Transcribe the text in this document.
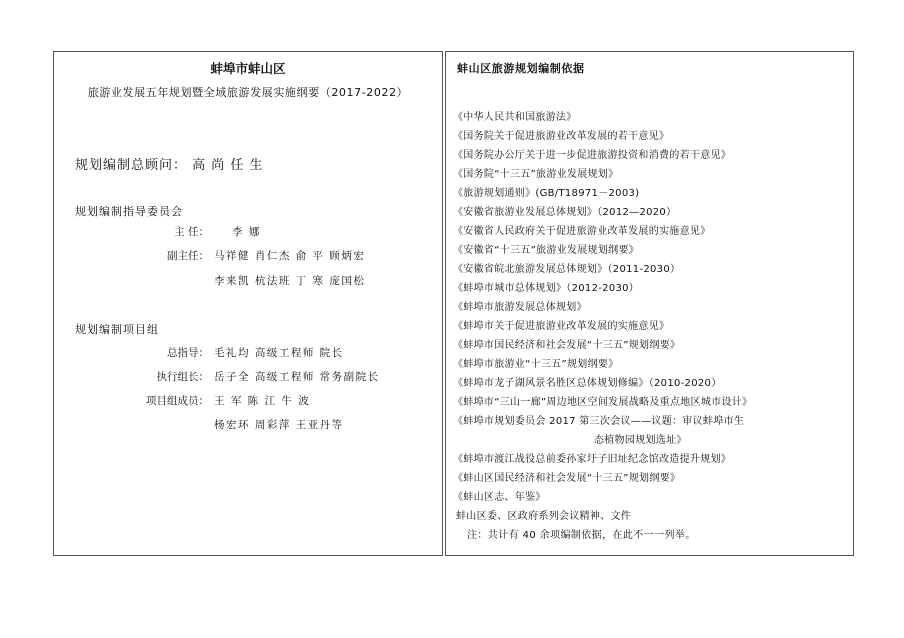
蚌埠市蚌山区
旅游业发展五年规划暨全域旅游发展实施纲要（2017-2022）
规划编制总顾问： 高 尚 任 生
规划编制指导委员会
主 任： 李 娜
副主任： 马祥健 肖仁杰 俞 平 顾炳宏
李来凯 杭法班 丁 寒 庞国松
规划编制项目组
总指导： 毛礼均 高级工程师 院长
执行组长： 岳子全 高级工程师 常务副院长
项目组成员： 王 军 陈 江 牛 波
杨宏环 周彩萍 王亚丹等
蚌山区旅游规划编制依据
《中华人民共和国旅游法》
《国务院关于促进旅游业改革发展的若干意见》
《国务院办公厅关于进一步促进旅游投资和消费的若干意见》
《国务院“十三五”旅游业发展规划》
《旅游规划通则》(GB/T18971－2003)
《安徽省旅游业发展总体规划》（2012—2020）
《安徽省人民政府关于促进旅游业改革发展的实施意见》
《安徽省“十三五”旅游业发展规划纲要》
《安徽省皖北旅游发展总体规划》（2011-2030）
《蚌埠市城市总体规划》（2012-2030）
《蚌埠市旅游发展总体规划》
《蚌埠市关于促进旅游业改革发展的实施意见》
《蚌埠市国民经济和社会发展“十三五”规划纲要》
《蚌埠市旅游业“十三五”规划纲要》
《蚌埠市龙子湖风景名胜区总体规划修编》（2010-2020）
《蚌埠市“三山一廊”周边地区空间发展战略及重点地区城市设计》
《蚌埠市规划委员会 2017 第三次会议——议题：审议蚌埠市生
态植物园规划选址》
《蚌埠市渡江战役总前委孙家圩子旧址纪念馆改造提升规划》
《蚌山区国民经济和社会发展“十三五”规划纲要》
《蚌山区志、年鉴》
蚌山区委、区政府系列会议精神、文件
注：共计有 40 余项编制依据，在此不一一列举。
